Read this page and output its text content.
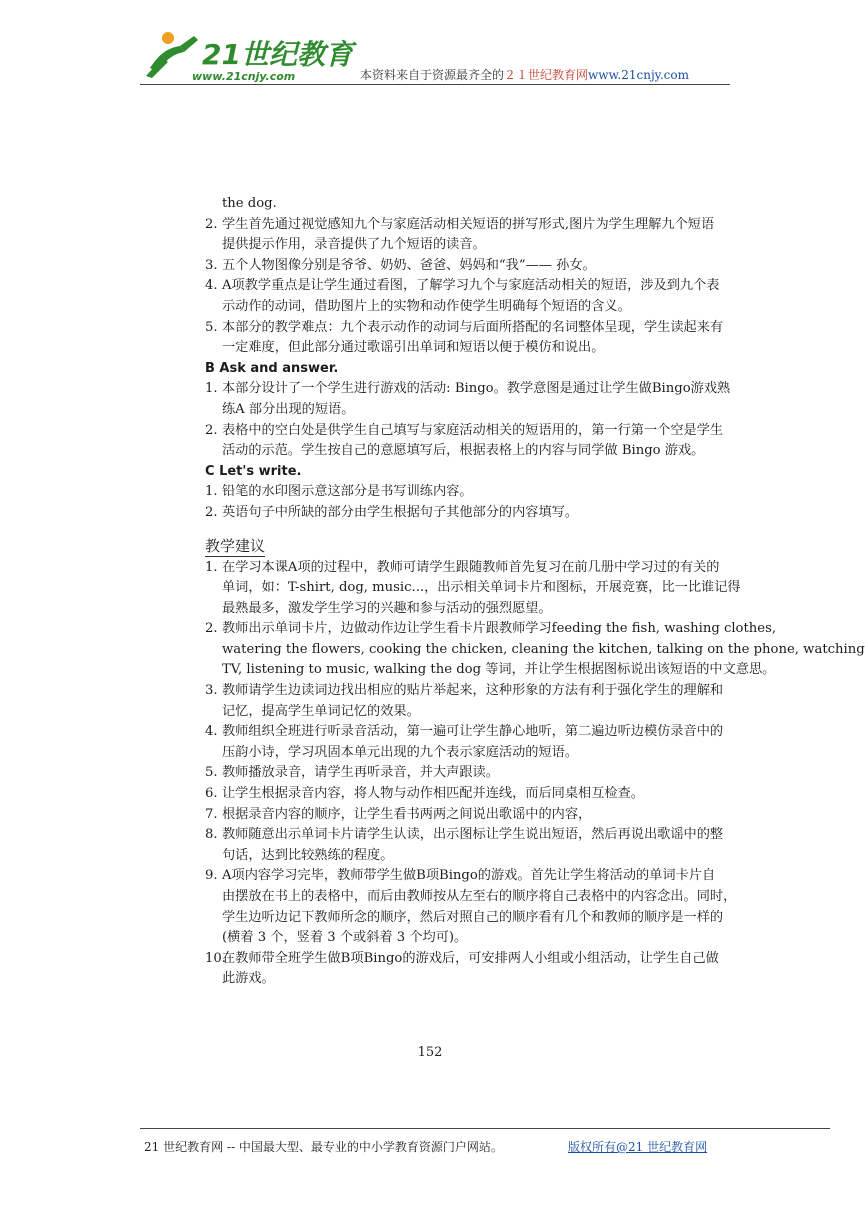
21世纪教育
www.21cnjy.com	本资料来自于资源最齐全的２１世纪教育网www.21cnjy.com
the dog.
2. 学生首先通过视觉感知九个与家庭活动相关短语的拼写形式,图片为学生理解九个短语
提供提示作用，录音提供了九个短语的读音。
3. 五个人物图像分别是爷爷、奶奶、爸爸、妈妈和“我”—— 孙女。
4. A项教学重点是让学生通过看图，了解学习九个与家庭活动相关的短语，涉及到九个表
示动作的动词，借助图片上的实物和动作使学生明确每个短语的含义。
5. 本部分的教学难点：九个表示动作的动词与后面所搭配的名词整体呈现，学生读起来有
一定难度，但此部分通过歌谣引出单词和短语以便于模仿和说出。
B Ask and answer.
1. 本部分设计了一个学生进行游戏的活动: Bingo。教学意图是通过让学生做Bingo游戏熟
练A 部分出现的短语。
2. 表格中的空白处是供学生自己填写与家庭活动相关的短语用的，第一行第一个空是学生
活动的示范。学生按自己的意愿填写后，根据表格上的内容与同学做 Bingo 游戏。
C Let's write.
1. 铅笔的水印图示意这部分是书写训练内容。
2. 英语句子中所缺的部分由学生根据句子其他部分的内容填写。
教学建议
1. 在学习本课A项的过程中，教师可请学生跟随教师首先复习在前几册中学习过的有关的
单词，如：T-shirt, dog, music...，出示相关单词卡片和图标，开展竞赛，比一比谁记得
最熟最多，激发学生学习的兴趣和参与活动的强烈愿望。
2. 教师出示单词卡片，边做动作边让学生看卡片跟教师学习feeding the fish, washing clothes,
watering the flowers, cooking the chicken, cleaning the kitchen, talking on the phone, watching
TV, listening to music, walking the dog 等词，并让学生根据图标说出该短语的中文意思。
3. 教师请学生边读词边找出相应的贴片举起来，这种形象的方法有利于强化学生的理解和
记忆，提高学生单词记忆的效果。
4. 教师组织全班进行听录音活动，第一遍可让学生静心地听，第二遍边听边模仿录音中的
压韵小诗，学习巩固本单元出现的九个表示家庭活动的短语。
5. 教师播放录音，请学生再听录音，并大声跟读。
6. 让学生根据录音内容，将人物与动作相匹配并连线，而后同桌相互检查。
7. 根据录音内容的顺序，让学生看书两两之间说出歌谣中的内容，
8. 教师随意出示单词卡片请学生认读，出示图标让学生说出短语，然后再说出歌谣中的整
句话，达到比较熟练的程度。
9. A项内容学习完毕，教师带学生做B项Bingo的游戏。首先让学生将活动的单词卡片自
由摆放在书上的表格中，而后由教师按从左至右的顺序将自己表格中的内容念出。同时，
学生边听边记下教师所念的顺序，然后对照自己的顺序看有几个和教师的顺序是一样的
(横着 3 个，竖着 3 个或斜着 3 个均可)。
10.在教师带全班学生做B项Bingo的游戏后，可安排两人小组或小组活动，让学生自己做
此游戏。
152
21 世纪教育网 -- 中国最大型、最专业的中小学教育资源门户网站。	版权所有@21 世纪教育网
